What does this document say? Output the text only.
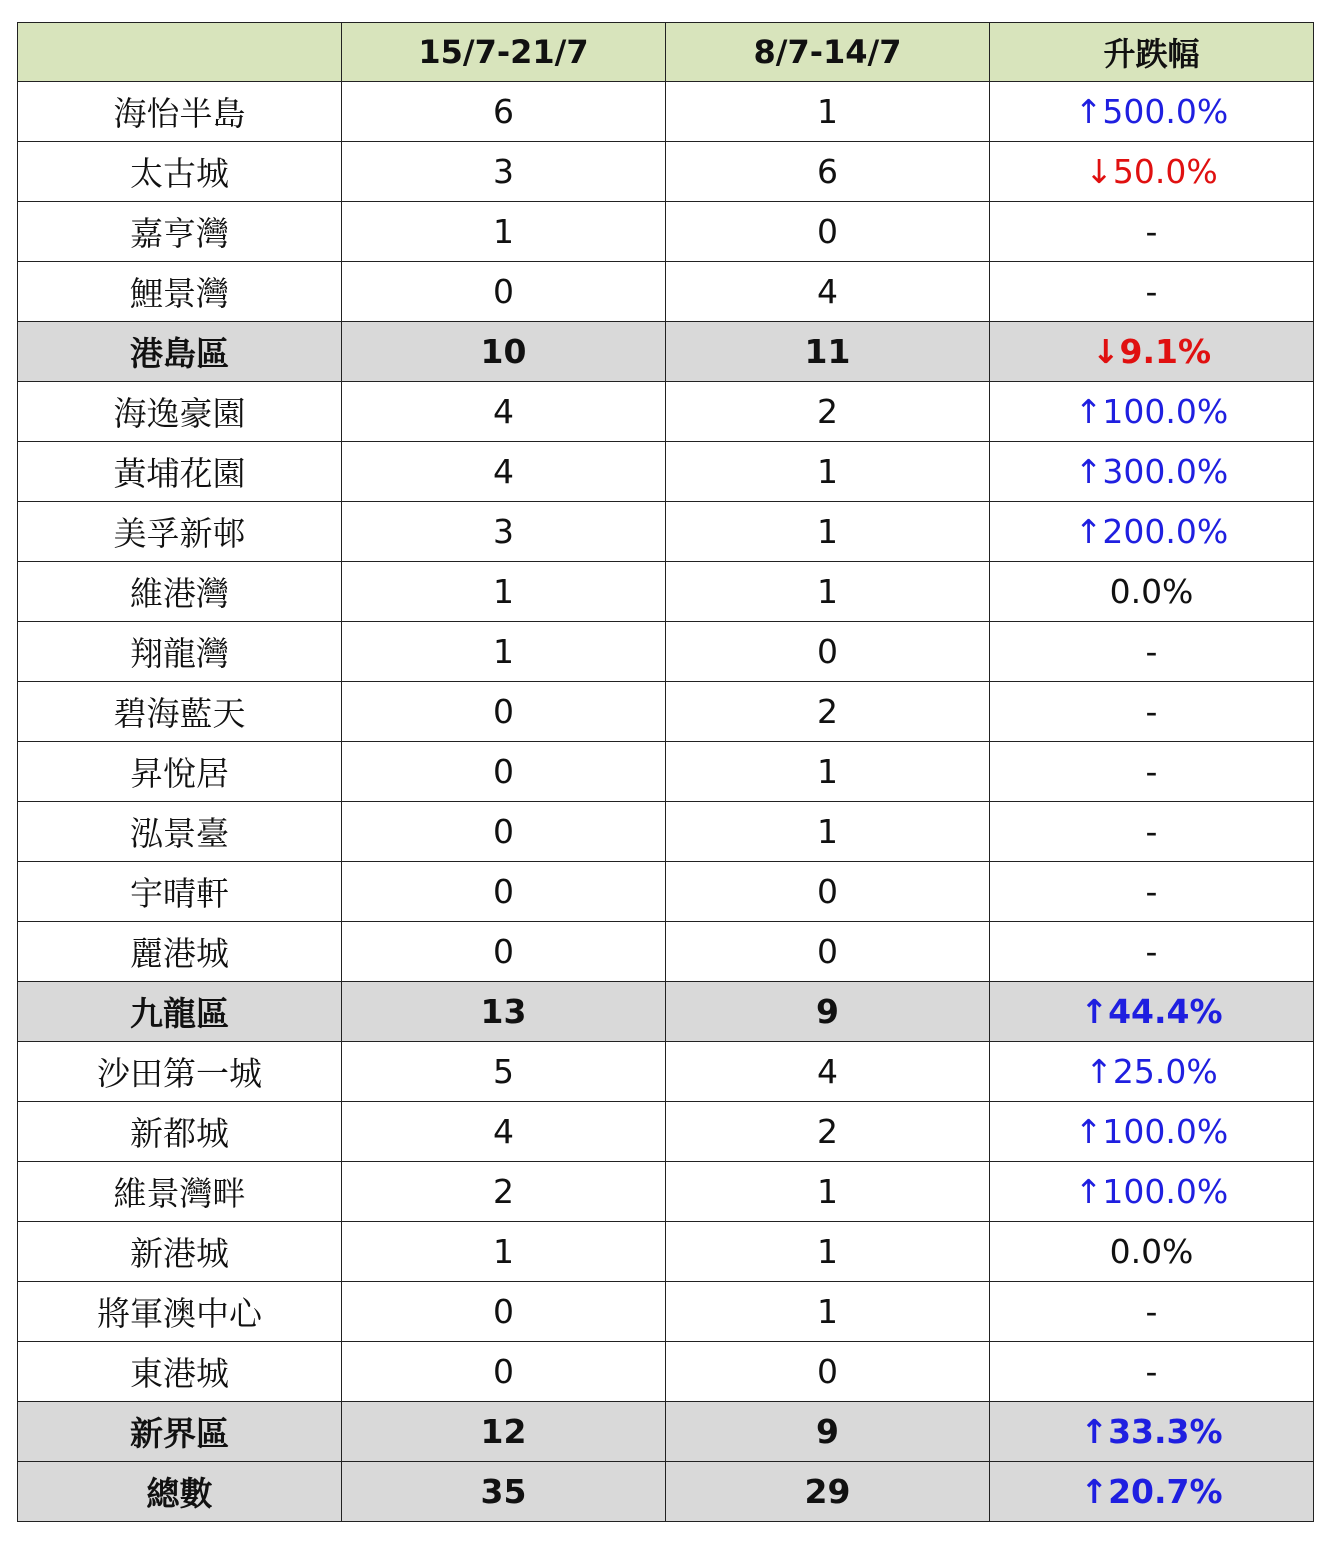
	15/7-21/7	8/7-14/7	升跌幅
海怡半島	6	1	↑500.0%
太古城	3	6	↓50.0%
嘉亨灣	1	0	-
鯉景灣	0	4	-
港島區	10	11	↓9.1%
海逸豪園	4	2	↑100.0%
黃埔花園	4	1	↑300.0%
美孚新邨	3	1	↑200.0%
維港灣	1	1	0.0%
翔龍灣	1	0	-
碧海藍天	0	2	-
昇悅居	0	1	-
泓景臺	0	1	-
宇晴軒	0	0	-
麗港城	0	0	-
九龍區	13	9	↑44.4%
沙田第一城	5	4	↑25.0%
新都城	4	2	↑100.0%
維景灣畔	2	1	↑100.0%
新港城	1	1	0.0%
將軍澳中心	0	1	-
東港城	0	0	-
新界區	12	9	↑33.3%
總數	35	29	↑20.7%
